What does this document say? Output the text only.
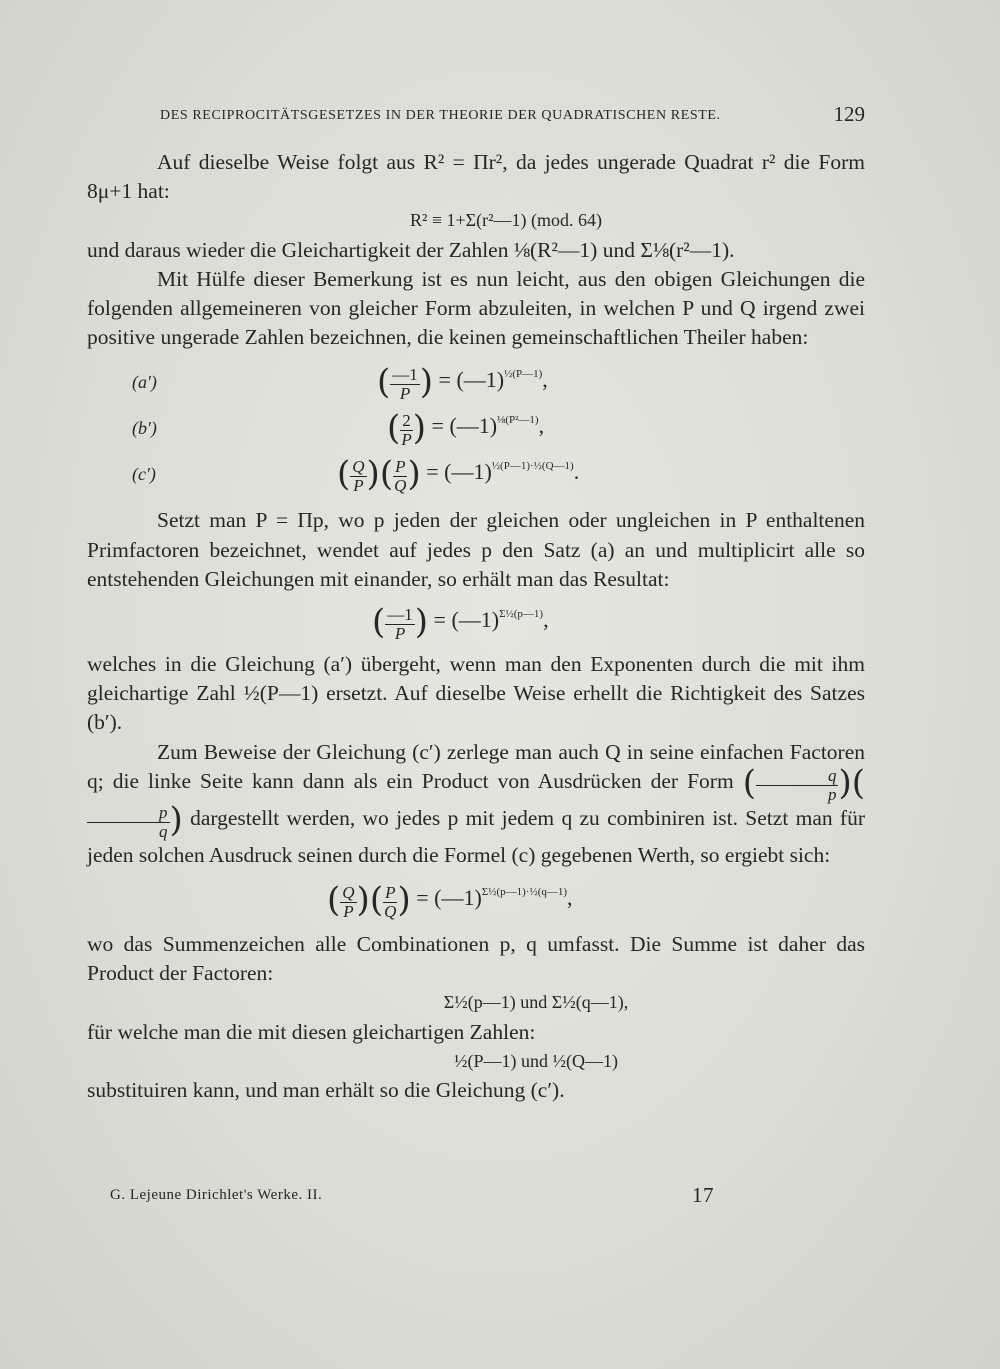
DES RECIPROCITÄTSGESETZES IN DER THEORIE DER QUADRATISCHEN RESTE.	129

Auf dieselbe Weise folgt aus R² = Πr², da jedes ungerade Quadrat r² die Form 8μ+1 hat:

R² ≡ 1+Σ(r²—1) (mod. 64)

und daraus wieder die Gleichartigkeit der Zahlen ⅛(R²—1) und Σ⅛(r²—1).

Mit Hülfe dieser Bemerkung ist es nun leicht, aus den obigen Gleichungen die folgenden allgemeineren von gleicher Form abzuleiten, in welchen P und Q irgend zwei positive ungerade Zahlen bezeichnen, die keinen gemeinschaftlichen Theiler haben:

(a′)	( $\frac{—1}{P}$ ) = (—1)$^{\frac{1}{2}(P—1)}$,
(b′)	( $\frac{2}{P}$ ) = (—1)$^{\frac{1}{8}(P^2—1)}$,
(c′)	( $\frac{Q}{P}$ )( $\frac{P}{Q}$ ) = (—1)$^{\frac{1}{2}(P—1)\cdot\frac{1}{2}(Q—1)}$.

Setzt man P = Πp, wo p jeden der gleichen oder ungleichen in P enthaltenen Primfactoren bezeichnet, wendet auf jedes p den Satz (a) an und multiplicirt alle so entstehenden Gleichungen mit einander, so erhält man das Resultat:

( $\frac{—1}{P}$ ) = (—1)$^{\Sigma\frac{1}{2}(p—1)}$,

welches in die Gleichung (a′) übergeht, wenn man den Exponenten durch die mit ihm gleichartige Zahl ½(P—1) ersetzt. Auf dieselbe Weise erhellt die Richtigkeit des Satzes (b′).

Zum Beweise der Gleichung (c′) zerlege man auch Q in seine einfachen Factoren q; die linke Seite kann dann als ein Product von Ausdrücken der Form ( $\frac{q}{p}$ )(
$\frac{p}{q}$ ) dargestellt werden, wo jedes p mit jedem q zu combiniren ist. Setzt man für jeden solchen Ausdruck seinen durch die Formel (c) gegebenen Werth, so ergiebt sich:

( $\frac{Q}{P}$ )( $\frac{P}{Q}$ ) = (—1)$^{\Sigma\frac{1}{2}(p—1)\cdot\frac{1}{2}(q—1)}$,

wo das Summenzeichen alle Combinationen p, q umfasst. Die Summe ist daher das Product der Factoren:

Σ½(p—1) und Σ½(q—1),

für welche man die mit diesen gleichartigen Zahlen:

½(P—1) und ½(Q—1)

substituiren kann, und man erhält so die Gleichung (c′).

G. Lejeune Dirichlet's Werke. II.	17
